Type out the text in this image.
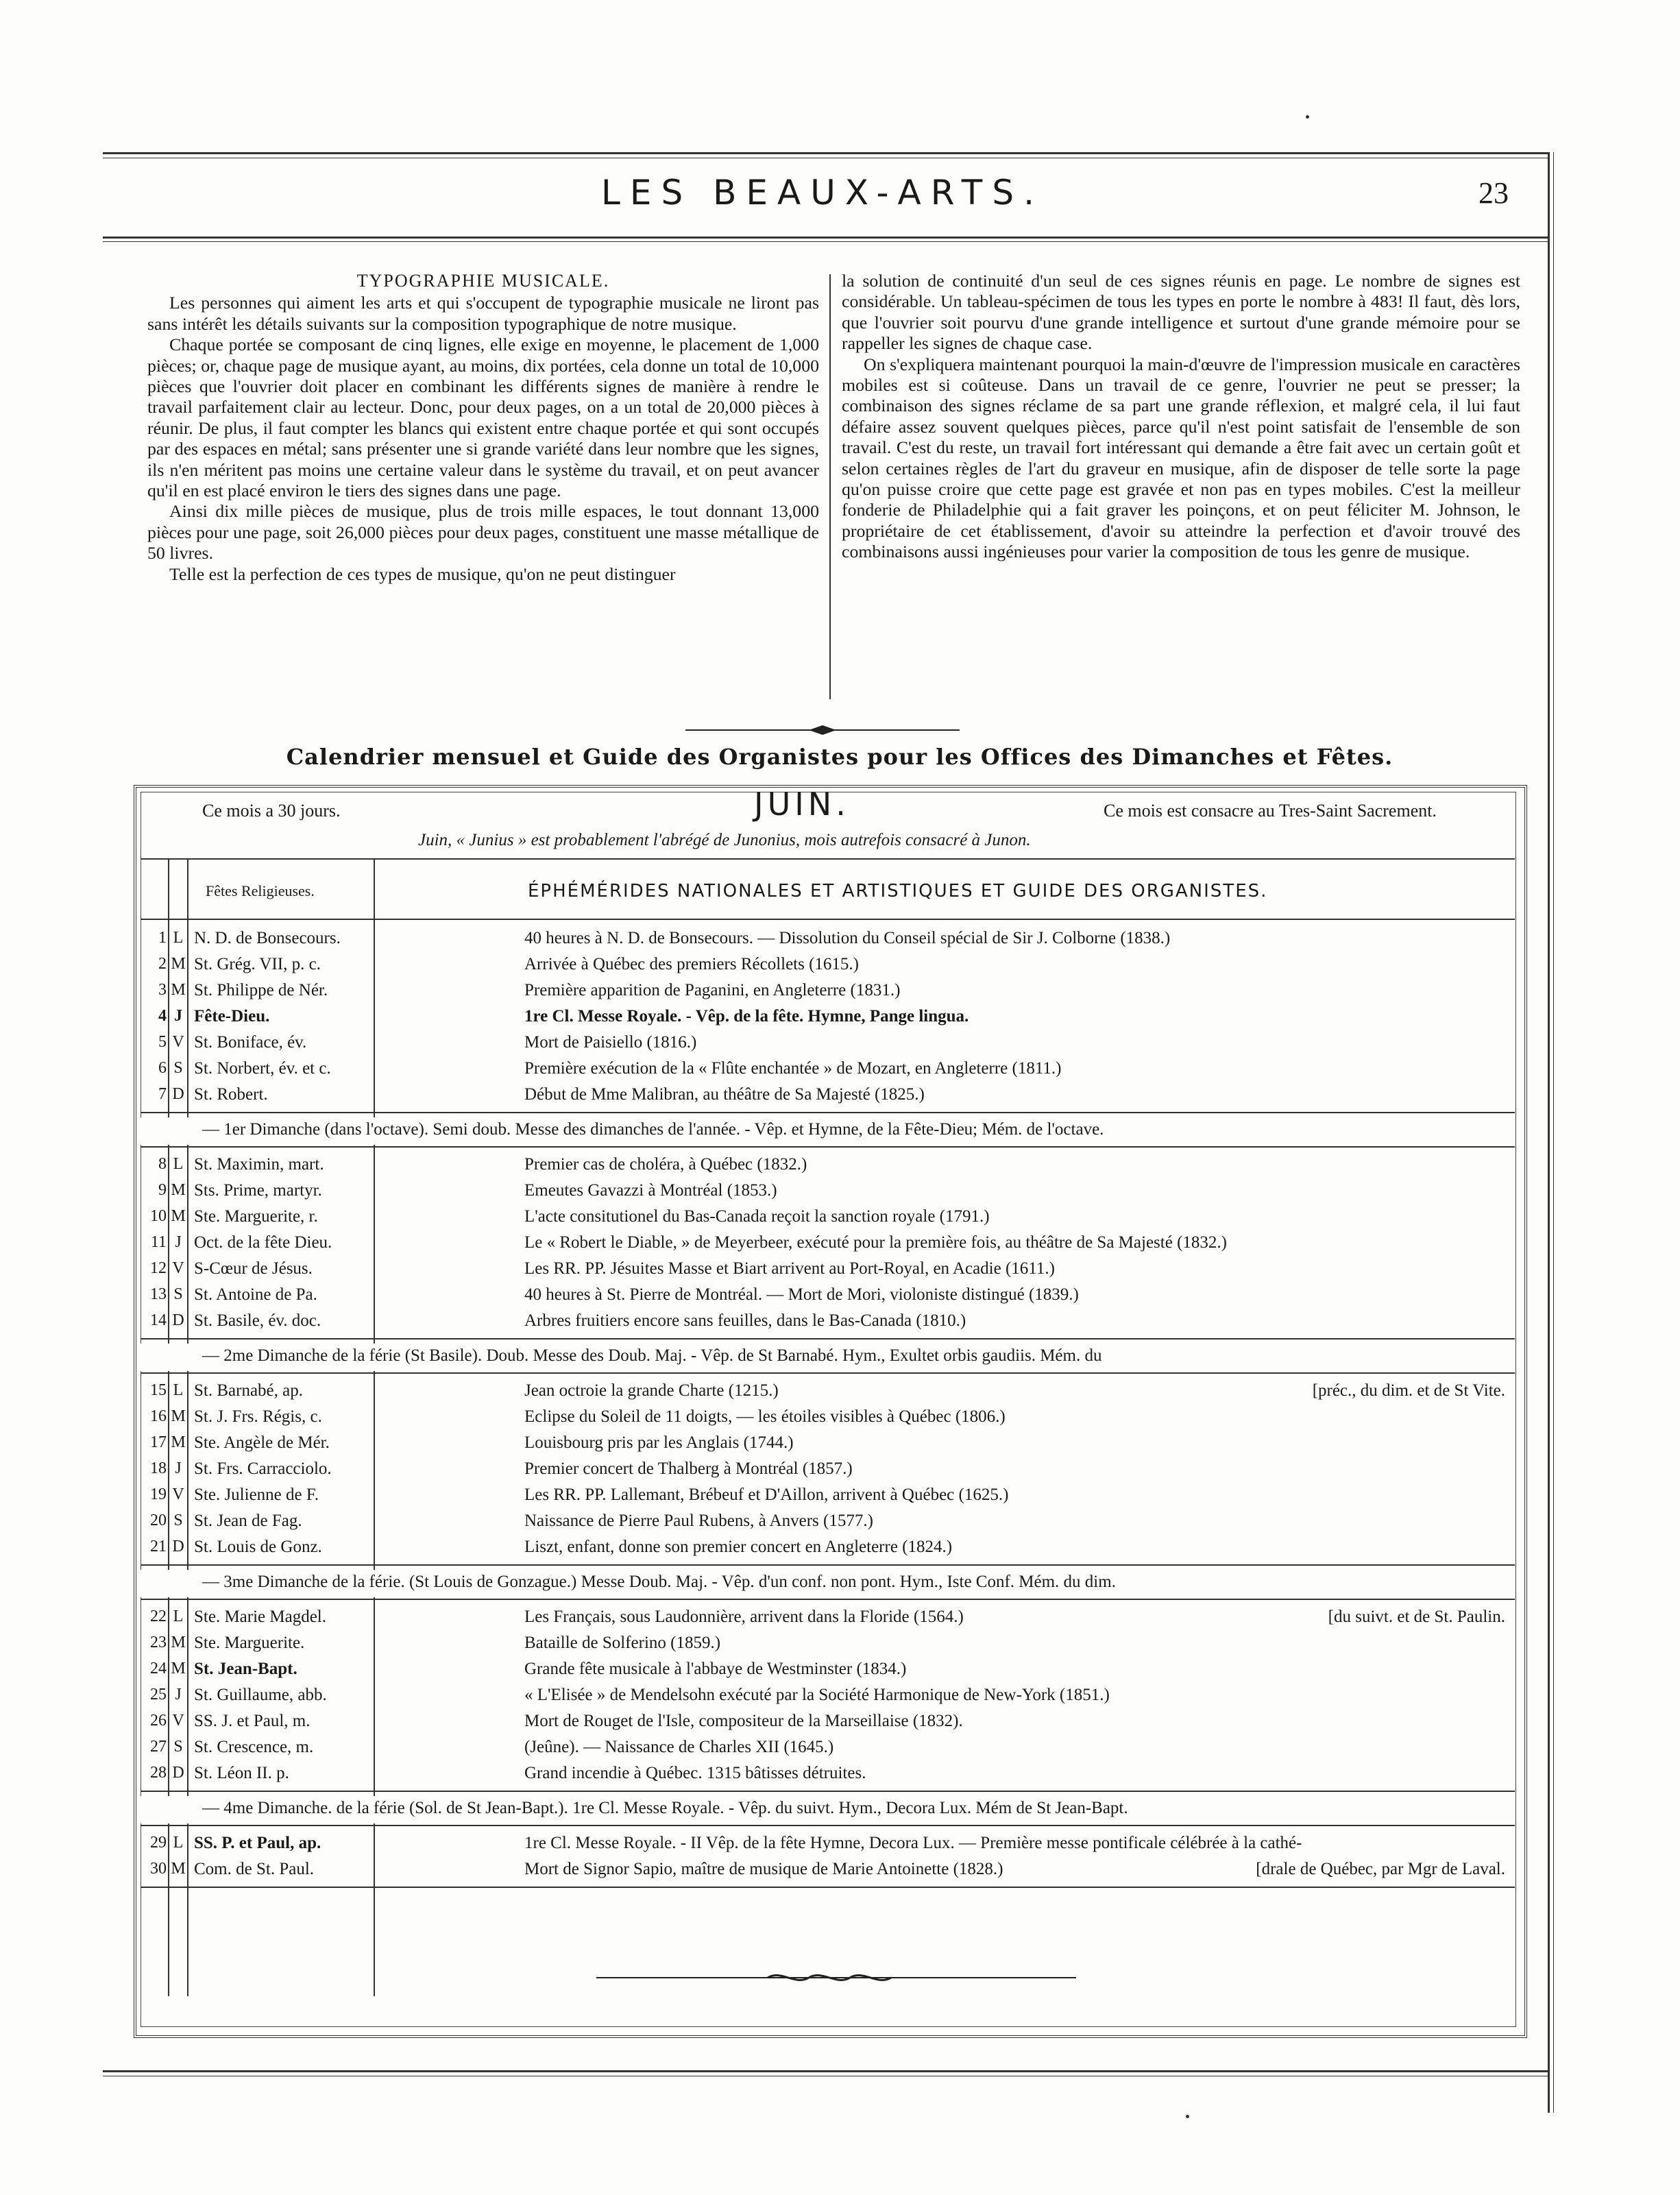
LES BEAUX-ARTS.	23

TYPOGRAPHIE MUSICALE.

Les personnes qui aiment les arts et qui s'occupent de typographie musicale ne liront pas sans intérêt les détails suivants sur la composition typographique de notre musique.

Chaque portée se composant de cinq lignes, elle exige en moyenne, le placement de 1,000 pièces; or, chaque page de musique ayant, au moins, dix portées, cela donne un total de 10,000 pièces que l'ouvrier doit placer en combinant les différents signes de manière à rendre le travail parfaitement clair au lecteur. Donc, pour deux pages, on a un total de 20,000 pièces à réunir. De plus, il faut compter les blancs qui existent entre chaque portée et qui sont occupés par des espaces en métal; sans présenter une si grande variété dans leur nombre que les signes, ils n'en méritent pas moins une certaine valeur dans le système du travail, et on peut avancer qu'il en est placé environ le tiers des signes dans une page.

Ainsi dix mille pièces de musique, plus de trois mille espaces, le tout donnant 13,000 pièces pour une page, soit 26,000 pièces pour deux pages, constituent une masse métallique de 50 livres.

Telle est la perfection de ces types de musique, qu'on ne peut distinguer

la solution de continuité d'un seul de ces signes réunis en page. Le nombre de signes est considérable. Un tableau-spécimen de tous les types en porte le nombre à 483! Il faut, dès lors, que l'ouvrier soit pourvu d'une grande intelligence et surtout d'une grande mémoire pour se rappeller les signes de chaque case.

On s'expliquera maintenant pourquoi la main-d'œuvre de l'impression musicale en caractères mobiles est si coûteuse. Dans un travail de ce genre, l'ouvrier ne peut se presser; la combinaison des signes réclame de sa part une grande réflexion, et malgré cela, il lui faut défaire assez souvent quelques pièces, parce qu'il n'est point satisfait de l'ensemble de son travail. C'est du reste, un travail fort intéressant qui demande a être fait avec un certain goût et selon certaines règles de l'art du graveur en musique, afin de disposer de telle sorte la page qu'on puisse croire que cette page est gravée et non pas en types mobiles. C'est la meilleur fonderie de Philadelphie qui a fait graver les poinçons, et on peut féliciter M. Johnson, le propriétaire de cet établissement, d'avoir su atteindre la perfection et d'avoir trouvé des combinaisons aussi ingénieuses pour varier la composition de tous les genre de musique.

Calendrier mensuel et Guide des Organistes pour les Offices des Dimanches et Fêtes.
Ce mois a 30 jours.	JUIN.	Ce mois est consacre au Tres-Saint Sacrement.
Juin, « Junius » est probablement l'abrégé de Junonius, mois autrefois consacré à Junon.
Fêtes Religieuses.	ÉPHÉMÉRIDES NATIONALES ET ARTISTIQUES ET GUIDE DES ORGANISTES.
1 L N. D. de Bonsecours.	40 heures à N. D. de Bonsecours. — Dissolution du Conseil spécial de Sir J. Colborne (1838.)
2 M St. Grég. VII, p. c.	Arrivée à Québec des premiers Récollets (1615.)
3 M St. Philippe de Nér.	Première apparition de Paganini, en Angleterre (1831.)
4 J Fête-Dieu.	1re Cl. Messe Royale. - Vêp. de la fête. Hymne, Pange lingua.
5 V St. Boniface, év.	Mort de Paisiello (1816.)
6 S St. Norbert, év. et c.	Première exécution de la « Flûte enchantée » de Mozart, en Angleterre (1811.)
7 D St. Robert.	Début de Mme Malibran, au théâtre de Sa Majesté (1825.)
— 1er Dimanche (dans l'octave). Semi doub. Messe des dimanches de l'année. - Vêp. et Hymne, de la Fête-Dieu; Mém. de l'octave.
8 L St. Maximin, mart.	Premier cas de choléra, à Québec (1832.)
9 M Sts. Prime, martyr.	Emeutes Gavazzi à Montréal (1853.)
10 M Ste. Marguerite, r.	L'acte consitutionel du Bas-Canada reçoit la sanction royale (1791.)
11 J Oct. de la fête Dieu.	Le « Robert le Diable, » de Meyerbeer, exécuté pour la première fois, au théâtre de Sa Majesté (1832.)
12 V S-Cœur de Jésus.	Les RR. PP. Jésuites Masse et Biart arrivent au Port-Royal, en Acadie (1611.)
13 S St. Antoine de Pa.	40 heures à St. Pierre de Montréal. — Mort de Mori, violoniste distingué (1839.)
14 D St. Basile, év. doc.	Arbres fruitiers encore sans feuilles, dans le Bas-Canada (1810.)
— 2me Dimanche de la férie (St Basile). Doub. Messe des Doub. Maj. - Vêp. de St Barnabé. Hym., Exultet orbis gaudiis. Mém. du
15 L St. Barnabé, ap.	Jean octroie la grande Charte (1215.)	[préc., du dim. et de St Vite.
16 M St. J. Frs. Régis, c.	Eclipse du Soleil de 11 doigts, — les étoiles visibles à Québec (1806.)
17 M Ste. Angèle de Mér.	Louisbourg pris par les Anglais (1744.)
18 J St. Frs. Carracciolo.	Premier concert de Thalberg à Montréal (1857.)
19 V Ste. Julienne de F.	Les RR. PP. Lallemant, Brébeuf et D'Aillon, arrivent à Québec (1625.)
20 S St. Jean de Fag.	Naissance de Pierre Paul Rubens, à Anvers (1577.)
21 D St. Louis de Gonz.	Liszt, enfant, donne son premier concert en Angleterre (1824.)
— 3me Dimanche de la férie. (St Louis de Gonzague.) Messe Doub. Maj. - Vêp. d'un conf. non pont. Hym., Iste Conf. Mém. du dim.
22 L Ste. Marie Magdel.	Les Français, sous Laudonnière, arrivent dans la Floride (1564.)	[du suivt. et de St. Paulin.
23 M Ste. Marguerite.	Bataille de Solferino (1859.)
24 M St. Jean-Bapt.	Grande fête musicale à l'abbaye de Westminster (1834.)
25 J St. Guillaume, abb.	« L'Elisée » de Mendelsohn exécuté par la Société Harmonique de New-York (1851.)
26 V SS. J. et Paul, m.	Mort de Rouget de l'Isle, compositeur de la Marseillaise (1832).
27 S St. Crescence, m.	(Jeûne). — Naissance de Charles XII (1645.)
28 D St. Léon II. p.	Grand incendie à Québec. 1315 bâtisses détruites.
— 4me Dimanche. de la férie (Sol. de St Jean-Bapt.). 1re Cl. Messe Royale. - Vêp. du suivt. Hym., Decora Lux. Mém de St Jean-Bapt.
29 L SS. P. et Paul, ap.	1re Cl. Messe Royale. - II Vêp. de la fête Hymne, Decora Lux. — Première messe pontificale célébrée à la cathé-
30 M Com. de St. Paul.	Mort de Signor Sapio, maître de musique de Marie Antoinette (1828.)	[drale de Québec, par Mgr de Laval.
